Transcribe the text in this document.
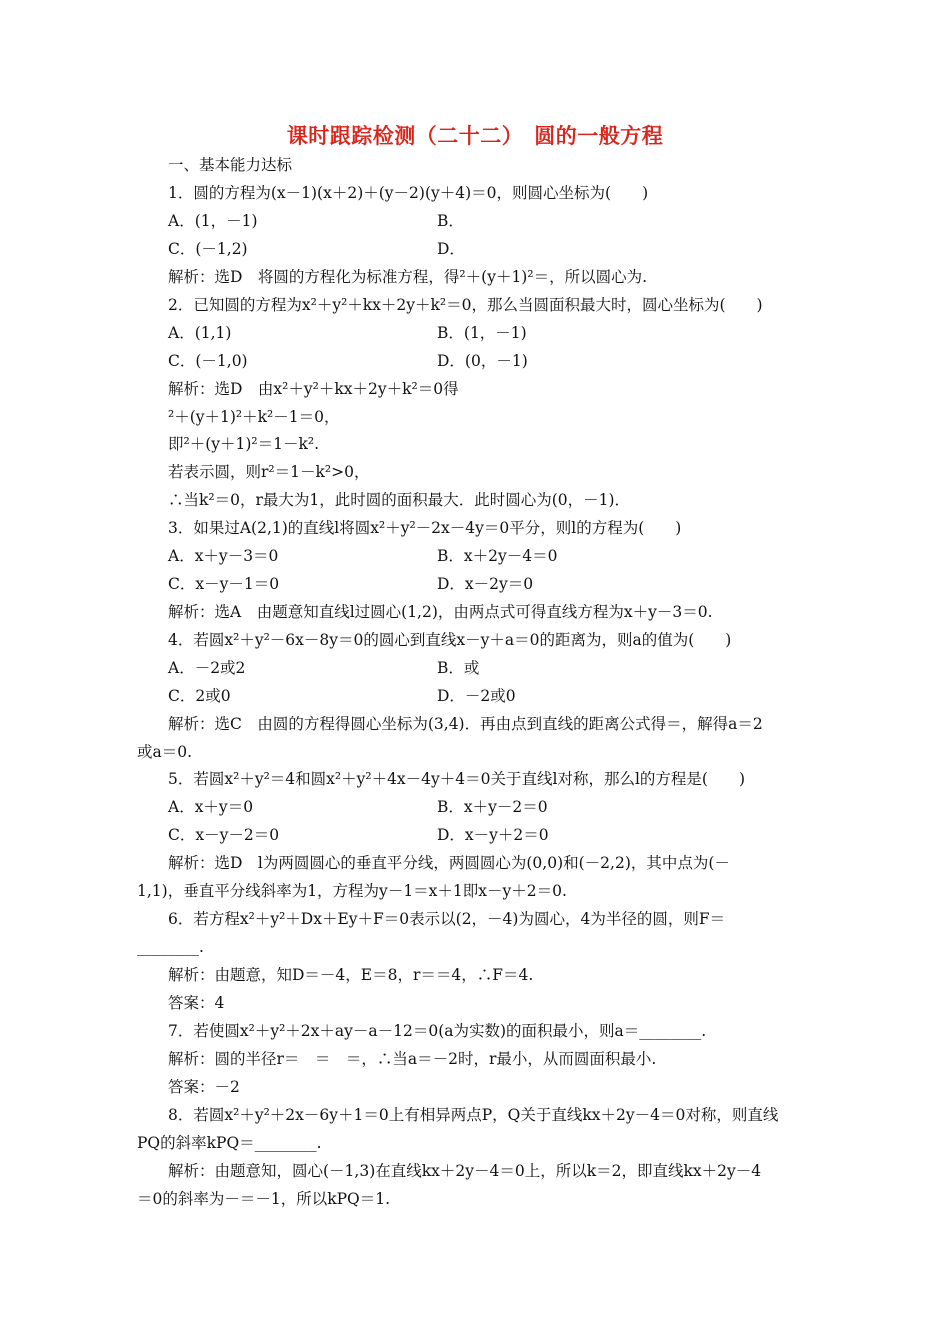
课时跟踪检测（二十二）　圆的一般方程
一、基本能力达标
1．圆的方程为(x－1)(x＋2)＋(y－2)(y＋4)＝0，则圆心坐标为(　　)
A．(1，－1)	B．
C．(－1,2)	D．
解析：选D　将圆的方程化为标准方程，得²＋(y＋1)²＝，所以圆心为.
2．已知圆的方程为x²＋y²＋kx＋2y＋k²＝0，那么当圆面积最大时，圆心坐标为(　　)
A．(1,1)	B．(1，－1)
C．(－1,0)	D．(0，－1)
解析：选D　由x²＋y²＋kx＋2y＋k²＝0得
²＋(y＋1)²＋k²－1＝0，
即²＋(y＋1)²＝1－k².
若表示圆，则r²＝1－k²>0，
∴当k²＝0，r最大为1，此时圆的面积最大．此时圆心为(0，－1)．
3．如果过A(2,1)的直线l将圆x²＋y²－2x－4y＝0平分，则l的方程为(　　)
A．x＋y－3＝0	B．x＋2y－4＝0
C．x－y－1＝0	D．x－2y＝0
解析：选A　由题意知直线l过圆心(1,2)，由两点式可得直线方程为x＋y－3＝0.
4．若圆x²＋y²－6x－8y＝0的圆心到直线x－y＋a＝0的距离为，则a的值为(　　)
A．－2或2	B．或
C．2或0	D．－2或0
解析：选C　由圆的方程得圆心坐标为(3,4)．再由点到直线的距离公式得＝，解得a＝2
或a＝0.
5．若圆x²＋y²＝4和圆x²＋y²＋4x－4y＋4＝0关于直线l对称，那么l的方程是(　　)
A．x＋y＝0	B．x＋y－2＝0
C．x－y－2＝0	D．x－y＋2＝0
解析：选D　l为两圆圆心的垂直平分线，两圆圆心为(0,0)和(－2,2)，其中点为(－
1,1)，垂直平分线斜率为1，方程为y－1＝x＋1即x－y＋2＝0.
6．若方程x²＋y²＋Dx＋Ey＋F＝0表示以(2，－4)为圆心，4为半径的圆，则F＝
________.
解析：由题意，知D＝－4，E＝8，r＝＝4，∴F＝4.
答案：4
7．若使圆x²＋y²＋2x＋ay－a－12＝0(a为实数)的面积最小，则a＝________.
解析：圆的半径r＝　＝　＝，∴当a＝－2时，r最小，从而圆面积最小.
答案：－2
8．若圆x²＋y²＋2x－6y＋1＝0上有相异两点P，Q关于直线kx＋2y－4＝0对称，则直线
PQ的斜率kPQ＝________.
解析：由题意知，圆心(－1,3)在直线kx＋2y－4＝0上，所以k＝2，即直线kx＋2y－4
＝0的斜率为－＝－1，所以kPQ＝1.
